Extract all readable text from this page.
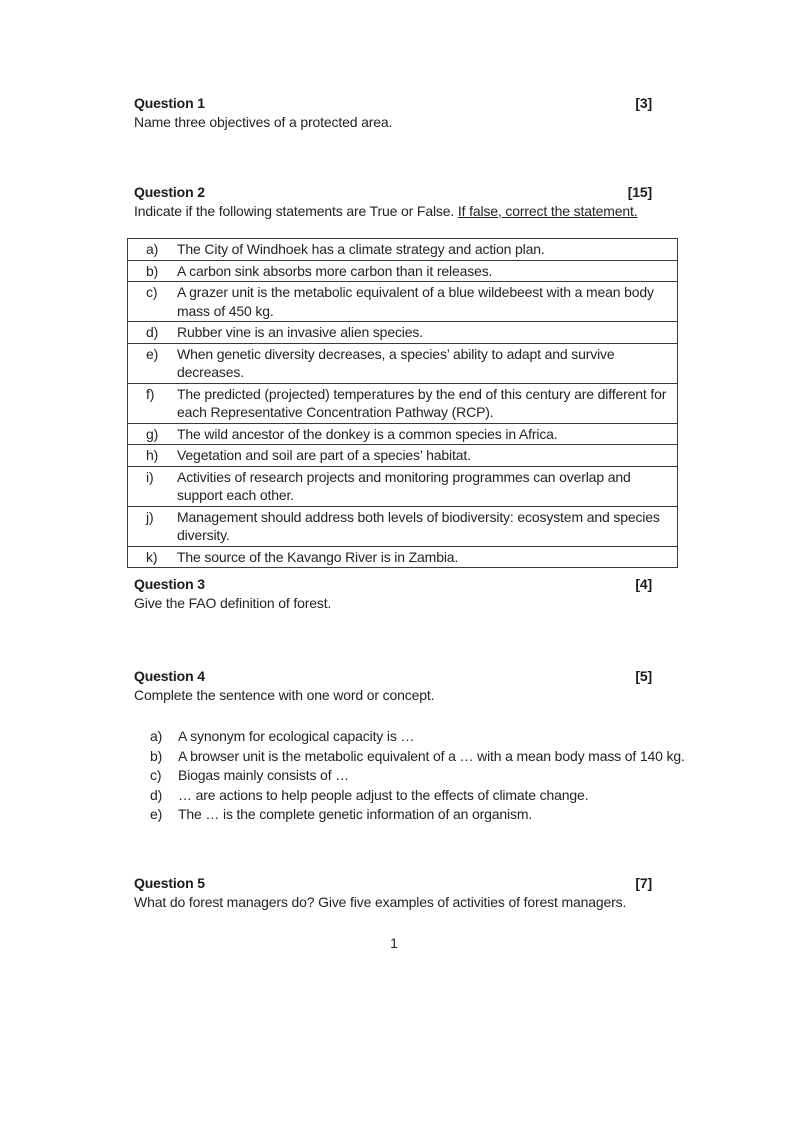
Question 1	[3]
Name three objectives of a protected area.
Question 2	[15]
Indicate if the following statements are True or False. If false, correct the statement.
a)	The City of Windhoek has a climate strategy and action plan.
b)	A carbon sink absorbs more carbon than it releases.
c)	A grazer unit is the metabolic equivalent of a blue wildebeest with a mean body mass of 450 kg.
d)	Rubber vine is an invasive alien species.
e)	When genetic diversity decreases, a species’ ability to adapt and survive decreases.
f)	The predicted (projected) temperatures by the end of this century are different for each Representative Concentration Pathway (RCP).
g)	The wild ancestor of the donkey is a common species in Africa.
h)	Vegetation and soil are part of a species’ habitat.
i)	Activities of research projects and monitoring programmes can overlap and support each other.
j)	Management should address both levels of biodiversity: ecosystem and species diversity.
k)	The source of the Kavango River is in Zambia.
Question 3	[4]
Give the FAO definition of forest.
Question 4	[5]
Complete the sentence with one word or concept.
a)	A synonym for ecological capacity is …
b)	A browser unit is the metabolic equivalent of a … with a mean body mass of 140 kg.
c)	Biogas mainly consists of …
d)	… are actions to help people adjust to the effects of climate change.
e)	The … is the complete genetic information of an organism.
Question 5	[7]
What do forest managers do? Give five examples of activities of forest managers.
1
